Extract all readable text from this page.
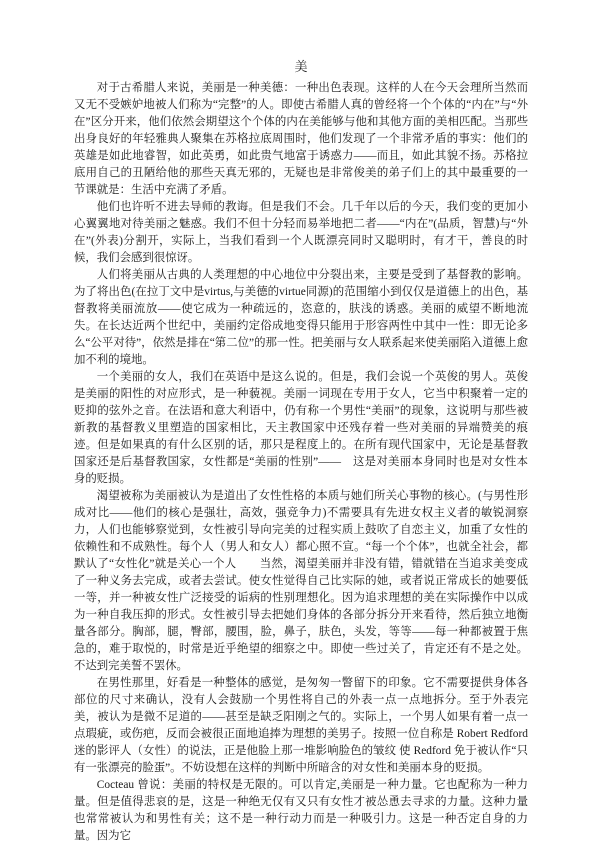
美

对于古希腊人来说，美丽是一种美德：一种出色表现。这样的人在今天会理所当然而又无不受嫉妒地被人们称为“完整”的人。即使古希腊人真的曾经将一个个体的“内在”与“外在”区分开来，他们依然会期望这个个体的内在美能够与他和其他方面的美相匹配。当那些出身良好的年轻雅典人聚集在苏格拉底周围时，他们发现了一个非常矛盾的事实：他们的英雄是如此地睿智，如此英勇，如此贵气地富于诱惑力——而且，如此其貌不扬。苏格拉底用自己的丑陋给他的那些天真无邪的，无疑也是非常俊美的弟子们上的其中最重要的一节课就是：生活中充满了矛盾。

他们也许听不进去导师的教诲。但是我们不会。几千年以后的今天，我们变的更加小心翼翼地对待美丽之魅惑。我们不但十分轻而易举地把二者——“内在”(品质，智慧)与“外在”(外表)分割开，实际上，当我们看到一个人既漂亮同时又聪明时，有才干，善良的时候，我们会感到很惊讶。

人们将美丽从古典的人类理想的中心地位中分裂出来，主要是受到了基督教的影响。为了将出色(在拉丁文中是virtus,与美德的virtue同源)的范围缩小到仅仅是道德上的出色，基督教将美丽流放——使它成为一种疏远的，恣意的，肤浅的诱惑。美丽的威望不断地流失。在长达近两个世纪中，美丽约定俗成地变得只能用于形容两性中其中一性：即无论多么“公平对待”，依然是排在“第二位”的那一性。把美丽与女人联系起来使美丽陷入道德上愈加不利的境地。

一个美丽的女人，我们在英语中是这么说的。但是，我们会说一个英俊的男人。英俊是美丽的阳性的对应形式，是一种藐视。美丽一词现在专用于女人，它当中积聚着一定的贬抑的弦外之音。在法语和意大利语中，仍有称一个男性“美丽”的现象，这说明与那些被新教的基督教义里塑造的国家相比，天主教国家中还残存着一些对美丽的异端赞美的痕迹。但是如果真的有什么区别的话，那只是程度上的。在所有现代国家中，无论是基督教国家还是后基督教国家，女性都是“美丽的性别”——　这是对美丽本身同时也是对女性本身的贬损。

渴望被称为美丽被认为是道出了女性性格的本质与她们所关心事物的核心。(与男性形成对比——他们的核心是强壮，高效，强竞争力)不需要具有先进女权主义者的敏锐洞察力，人们也能够察觉到，女性被引导向完美的过程实质上鼓吹了自恋主义，加重了女性的依赖性和不成熟性。每个人（男人和女人）都心照不宣。“每一个个体”，也就全社会，都默认了“女性化”就是关心一个人　　当然，渴望美丽并非没有错，错就错在当追求美变成了一种义务去完成，或者去尝试。使女性觉得自己比实际的她，或者说正常成长的她要低一等，并一种被女性广泛接受的诟病的性别理想化。因为追求理想的美在实际操作中以成为一种自我压抑的形式。女性被引导去把她们身体的各部分拆分开来看待，然后独立地衡量各部分。胸部，腿，臀部，腰围，脸，鼻子，肤色，头发，等等——每一种都被置于焦急的，难于取悦的，时常是近乎绝望的细察之中。即使一些过关了，肯定还有不是之处。不达到完美誓不罢休。

在男性那里，好看是一种整体的感觉，是匆匆一瞥留下的印象。它不需要提供身体各部位的尺寸来确认，没有人会鼓励一个男性将自己的外表一点一点地拆分。至于外表完美，被认为是微不足道的——甚至是缺乏阳刚之气的。实际上，一个男人如果有着一点一点瑕疵，或伤疤，反而会被很正面地追捧为理想的美男子。按照一位自称是 Robert Redford 迷的影评人（女性）的说法，正是他脸上那一堆影响脸色的皱纹 使 Redford 免于被认作“只有一张漂亮的脸蛋”。不妨设想在这样的判断中所暗含的对女性和美丽本身的贬损。

Cocteau 曾说：美丽的特权是无限的。可以肯定,美丽是一种力量。它也配称为一种力量。但是值得悲哀的是，这是一种绝无仅有又只有女性才被怂恿去寻求的力量。这种力量也常常被认为和男性有关；这不是一种行动力而是一种吸引力。这是一种否定自身的力量。因为它
